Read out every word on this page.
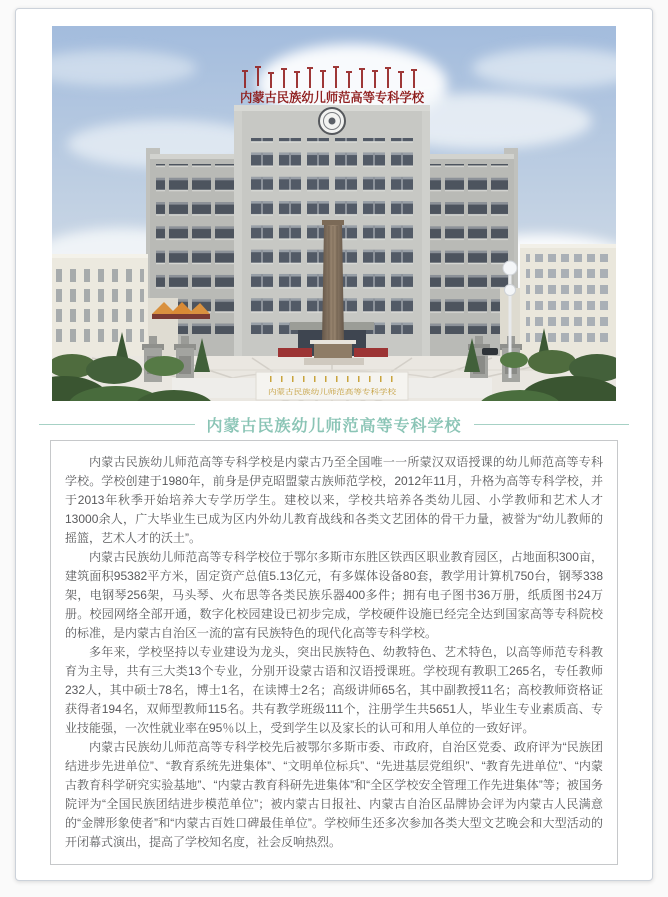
内蒙古民族幼儿师范高等专科学校
内蒙古民族幼儿师范高等专科学校
内蒙古民族幼儿师范高等专科学校

内蒙古民族幼儿师范高等专科学校是内蒙古乃至全国唯一一所蒙汉双语授课的幼儿师范高等专科学校。学校创建于1980年，前身是伊克昭盟蒙古族师范学校，2012年11月，升格为高等专科学校，并于2013年秋季开始培养大专学历学生。建校以来，学校共培养各类幼儿园、小学教师和艺术人才13000余人，广大毕业生已成为区内外幼儿教育战线和各类文艺团体的骨干力量，被誉为“幼儿教师的摇篮，艺术人才的沃土”。

内蒙古民族幼儿师范高等专科学校位于鄂尔多斯市东胜区铁西区职业教育园区，占地面积300亩，建筑面积95382平方米，固定资产总值5.13亿元，有多媒体设备80套，教学用计算机750台，钢琴338架，电钢琴256架，马头琴、火布思等各类民族乐器400多件；拥有电子图书36万册，纸质图书24万册。校园网络全部开通，数字化校园建设已初步完成，学校硬件设施已经完全达到国家高等专科院校的标准，是内蒙古自治区一流的富有民族特色的现代化高等专科学校。

多年来，学校坚持以专业建设为龙头，突出民族特色、幼教特色、艺术特色，以高等师范专科教育为主导，共有三大类13个专业，分别开设蒙古语和汉语授课班。学校现有教职工265名，专任教师232人，其中硕士78名，博士1名，在读博士2名；高级讲师65名，其中副教授11名；高校教师资格证获得者194名，双师型教师115名。共有教学班级111个，注册学生共5651人，毕业生专业素质高、专业技能强，一次性就业率在95％以上，受到学生以及家长的认可和用人单位的一致好评。

内蒙古民族幼儿师范高等专科学校先后被鄂尔多斯市委、市政府，自治区党委、政府评为“民族团结进步先进单位”、“教育系统先进集体”、“文明单位标兵”、“先进基层党组织”、“教育先进单位”、“内蒙古教育科学研究实验基地”、“内蒙古教育科研先进集体”和“全区学校安全管理工作先进集体”等；被国务院评为“全国民族团结进步模范单位”；被内蒙古日报社、内蒙古自治区品牌协会评为内蒙古人民满意的“金牌形象使者”和“内蒙古百姓口碑最佳单位”。学校师生还多次参加各类大型文艺晚会和大型活动的开闭幕式演出，提高了学校知名度，社会反响热烈。
